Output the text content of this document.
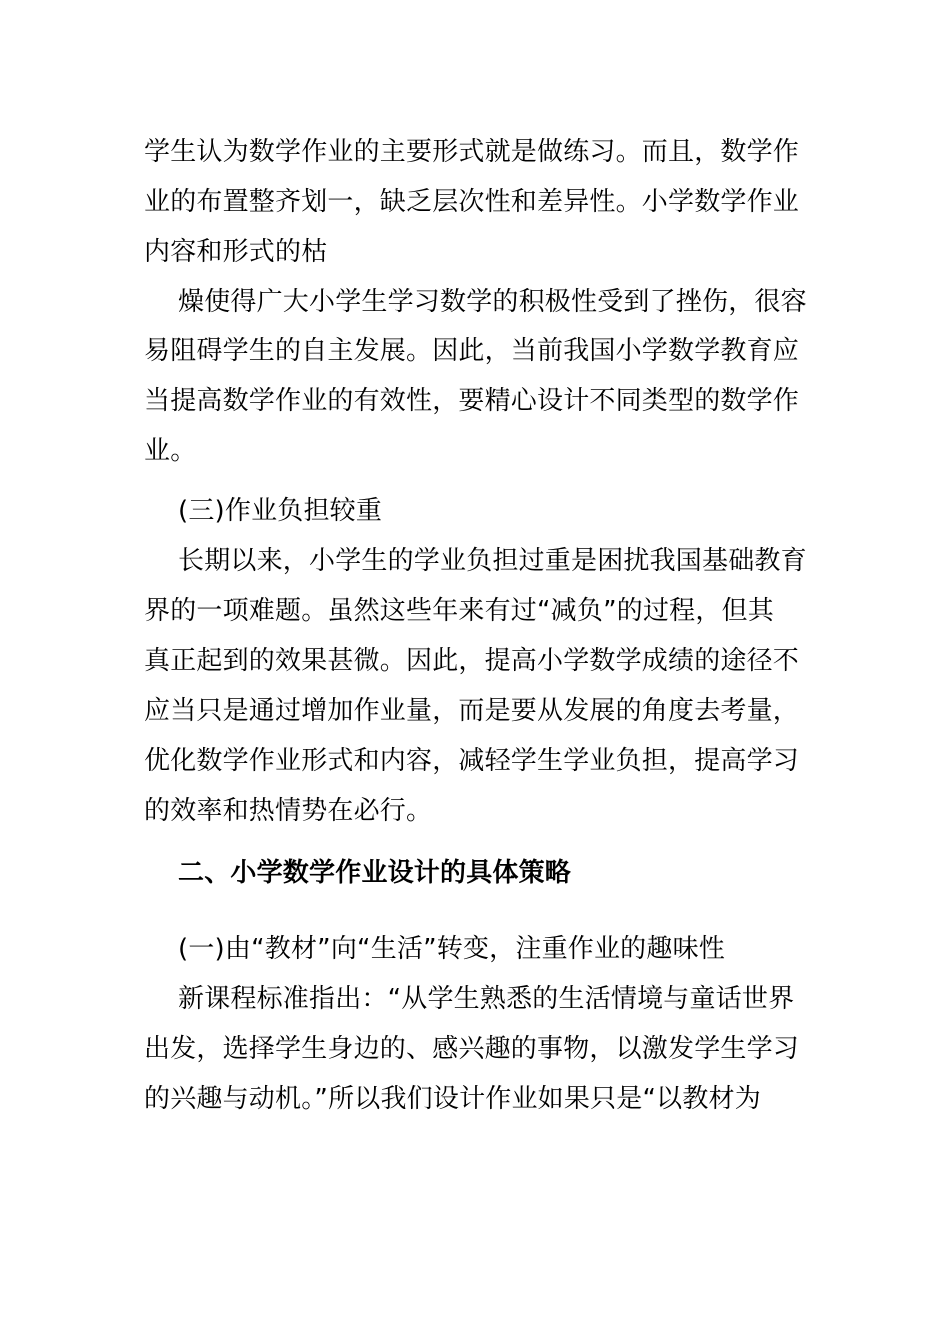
学生认为数学作业的主要形式就是做练习。而且，数学作
业的布置整齐划一，缺乏层次性和差异性。小学数学作业
内容和形式的枯
燥使得广大小学生学习数学的积极性受到了挫伤，很容
易阻碍学生的自主发展。因此，当前我国小学数学教育应
当提高数学作业的有效性，要精心设计不同类型的数学作
业。
(三)作业负担较重
长期以来，小学生的学业负担过重是困扰我国基础教育
界的一项难题。虽然这些年来有过“减负”的过程，但其
真正起到的效果甚微。因此，提高小学数学成绩的途径不
应当只是通过增加作业量，而是要从发展的角度去考量，
优化数学作业形式和内容，减轻学生学业负担，提高学习
的效率和热情势在必行。
二、小学数学作业设计的具体策略
(一)由“教材”向“生活”转变，注重作业的趣味性
新课程标准指出：“从学生熟悉的生活情境与童话世界
出发，选择学生身边的、感兴趣的事物，以激发学生学习
的兴趣与动机。”所以我们设计作业如果只是“以教材为
